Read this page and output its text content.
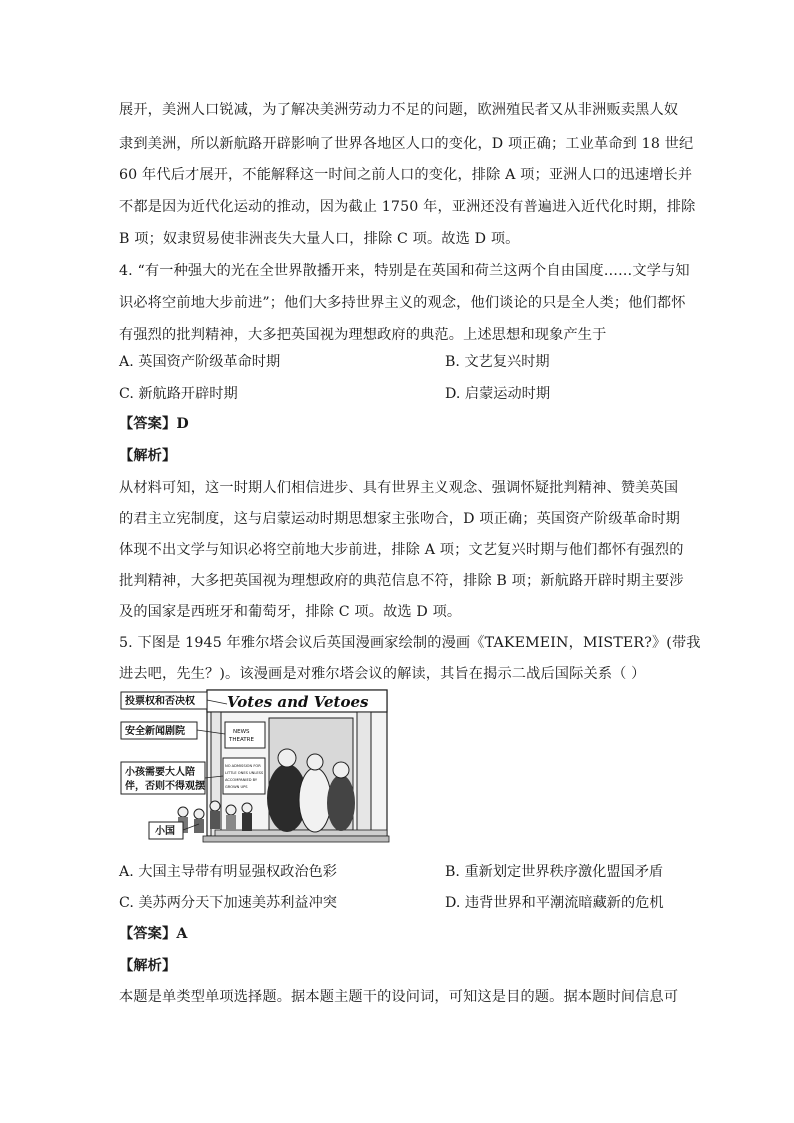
展开，美洲人口锐减，为了解决美洲劳动力不足的问题，欧洲殖民者又从非洲贩卖黑人奴
隶到美洲，所以新航路开辟影响了世界各地区人口的变化，D 项正确；工业革命到 18 世纪
60 年代后才展开，不能解释这一时间之前人口的变化，排除 A 项；亚洲人口的迅速增长并
不都是因为近代化运动的推动，因为截止 1750 年，亚洲还没有普遍进入近代化时期，排除
B 项；奴隶贸易使非洲丧失大量人口，排除 C 项。故选 D 项。
4. “有一种强大的光在全世界散播开来，特别是在英国和荷兰这两个自由国度……文学与知
识必将空前地大步前进”；他们大多持世界主义的观念，他们谈论的只是全人类；他们都怀
有强烈的批判精神，大多把英国视为理想政府的典范。上述思想和现象产生于
A. 英国资产阶级革命时期	B. 文艺复兴时期
C. 新航路开辟时期	D. 启蒙运动时期
【答案】D
【解析】
从材料可知，这一时期人们相信进步、具有世界主义观念、强调怀疑批判精神、赞美英国
的君主立宪制度，这与启蒙运动时期思想家主张吻合，D 项正确；英国资产阶级革命时期
体现不出文学与知识必将空前地大步前进，排除 A 项；文艺复兴时期与他们都怀有强烈的
批判精神，大多把英国视为理想政府的典范信息不符，排除 B 项；新航路开辟时期主要涉
及的国家是西班牙和葡萄牙，排除 C 项。故选 D 项。
5. 下图是 1945 年雅尔塔会议后英国漫画家绘制的漫画《TAKEMEIN，MISTER?》(带我
进去吧，先生？)。该漫画是对雅尔塔会议的解读，其旨在揭示二战后国际关系（ ）
Votes and Vetoes
NEWS
THEATRE
NO ADMISSION FOR
LITTLE ONES UNLESS
ACCOMPANIED BY
GROWN UPS
投票权和否决权
安全新闻剧院
小孩需要大人陪
伴，否则不得观摆
小国
A. 大国主导带有明显强权政治色彩	B. 重新划定世界秩序激化盟国矛盾
C. 美苏两分天下加速美苏利益冲突	D. 违背世界和平潮流暗藏新的危机
【答案】A
【解析】
本题是单类型单项选择题。据本题主题干的设问词，可知这是目的题。据本题时间信息可
